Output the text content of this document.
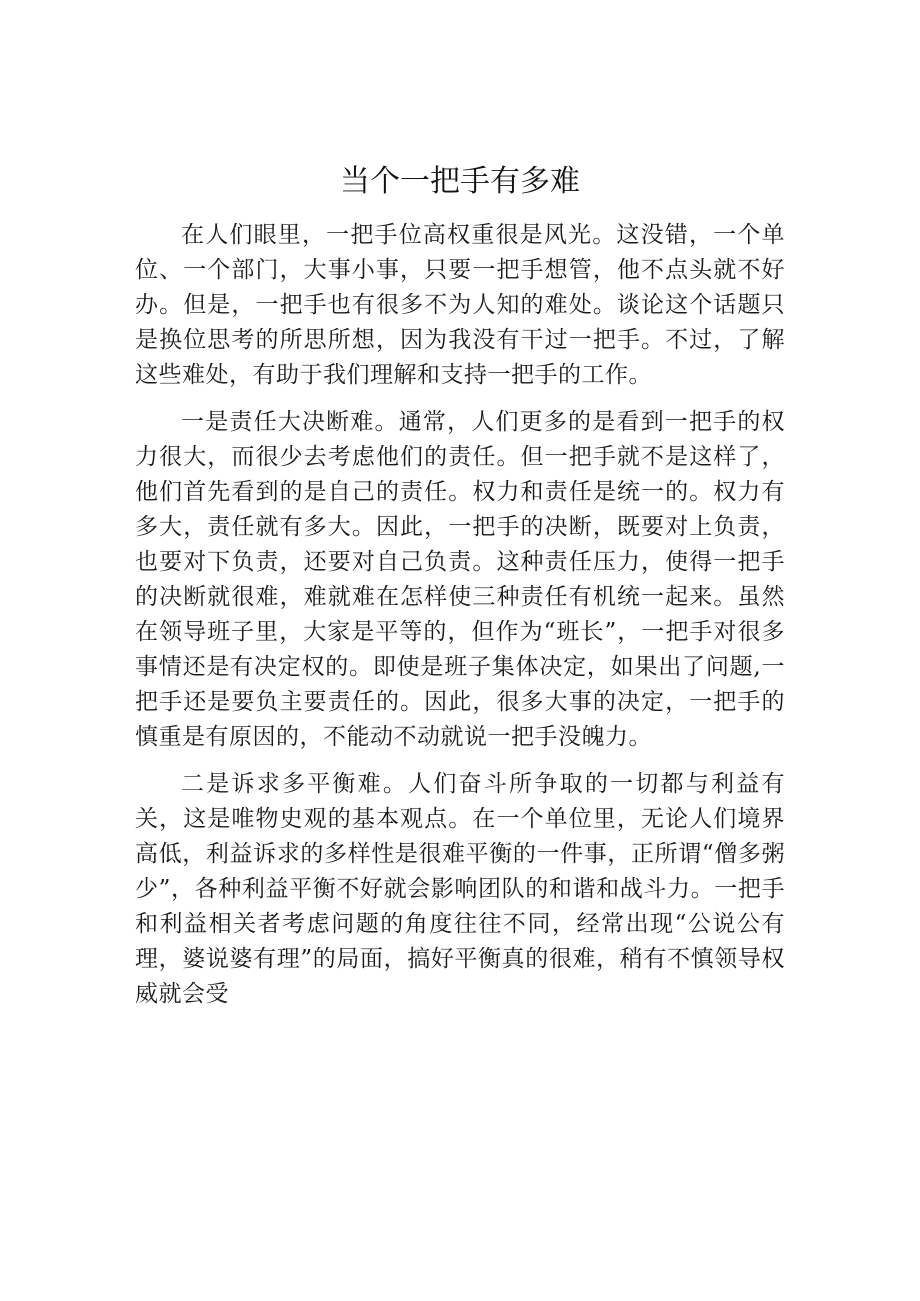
当个一把手有多难

在人们眼里，一把手位高权重很是风光。这没错，一个单位、一个部门，大事小事，只要一把手想管，他不点头就不好办。但是，一把手也有很多不为人知的难处。谈论这个话题只是换位思考的所思所想，因为我没有干过一把手。不过，了解这些难处，有助于我们理解和支持一把手的工作。

一是责任大决断难。通常，人们更多的是看到一把手的权力很大，而很少去考虑他们的责任。但一把手就不是这样了，他们首先看到的是自己的责任。权力和责任是统一的。权力有多大，责任就有多大。因此，一把手的决断，既要对上负责，也要对下负责，还要对自己负责。这种责任压力，使得一把手的决断就很难，难就难在怎样使三种责任有机统一起来。虽然在领导班子里，大家是平等的，但作为“班长”，一把手对很多事情还是有决定权的。即使是班子集体决定，如果出了问题,一把手还是要负主要责任的。因此，很多大事的决定，一把手的慎重是有原因的，不能动不动就说一把手没魄力。

二是诉求多平衡难。人们奋斗所争取的一切都与利益有关，这是唯物史观的基本观点。在一个单位里，无论人们境界高低，利益诉求的多样性是很难平衡的一件事，正所谓“僧多粥少”，各种利益平衡不好就会影响团队的和谐和战斗力。一把手和利益相关者考虑问题的角度往往不同，经常出现“公说公有理，婆说婆有理”的局面，搞好平衡真的很难，稍有不慎领导权威就会受
